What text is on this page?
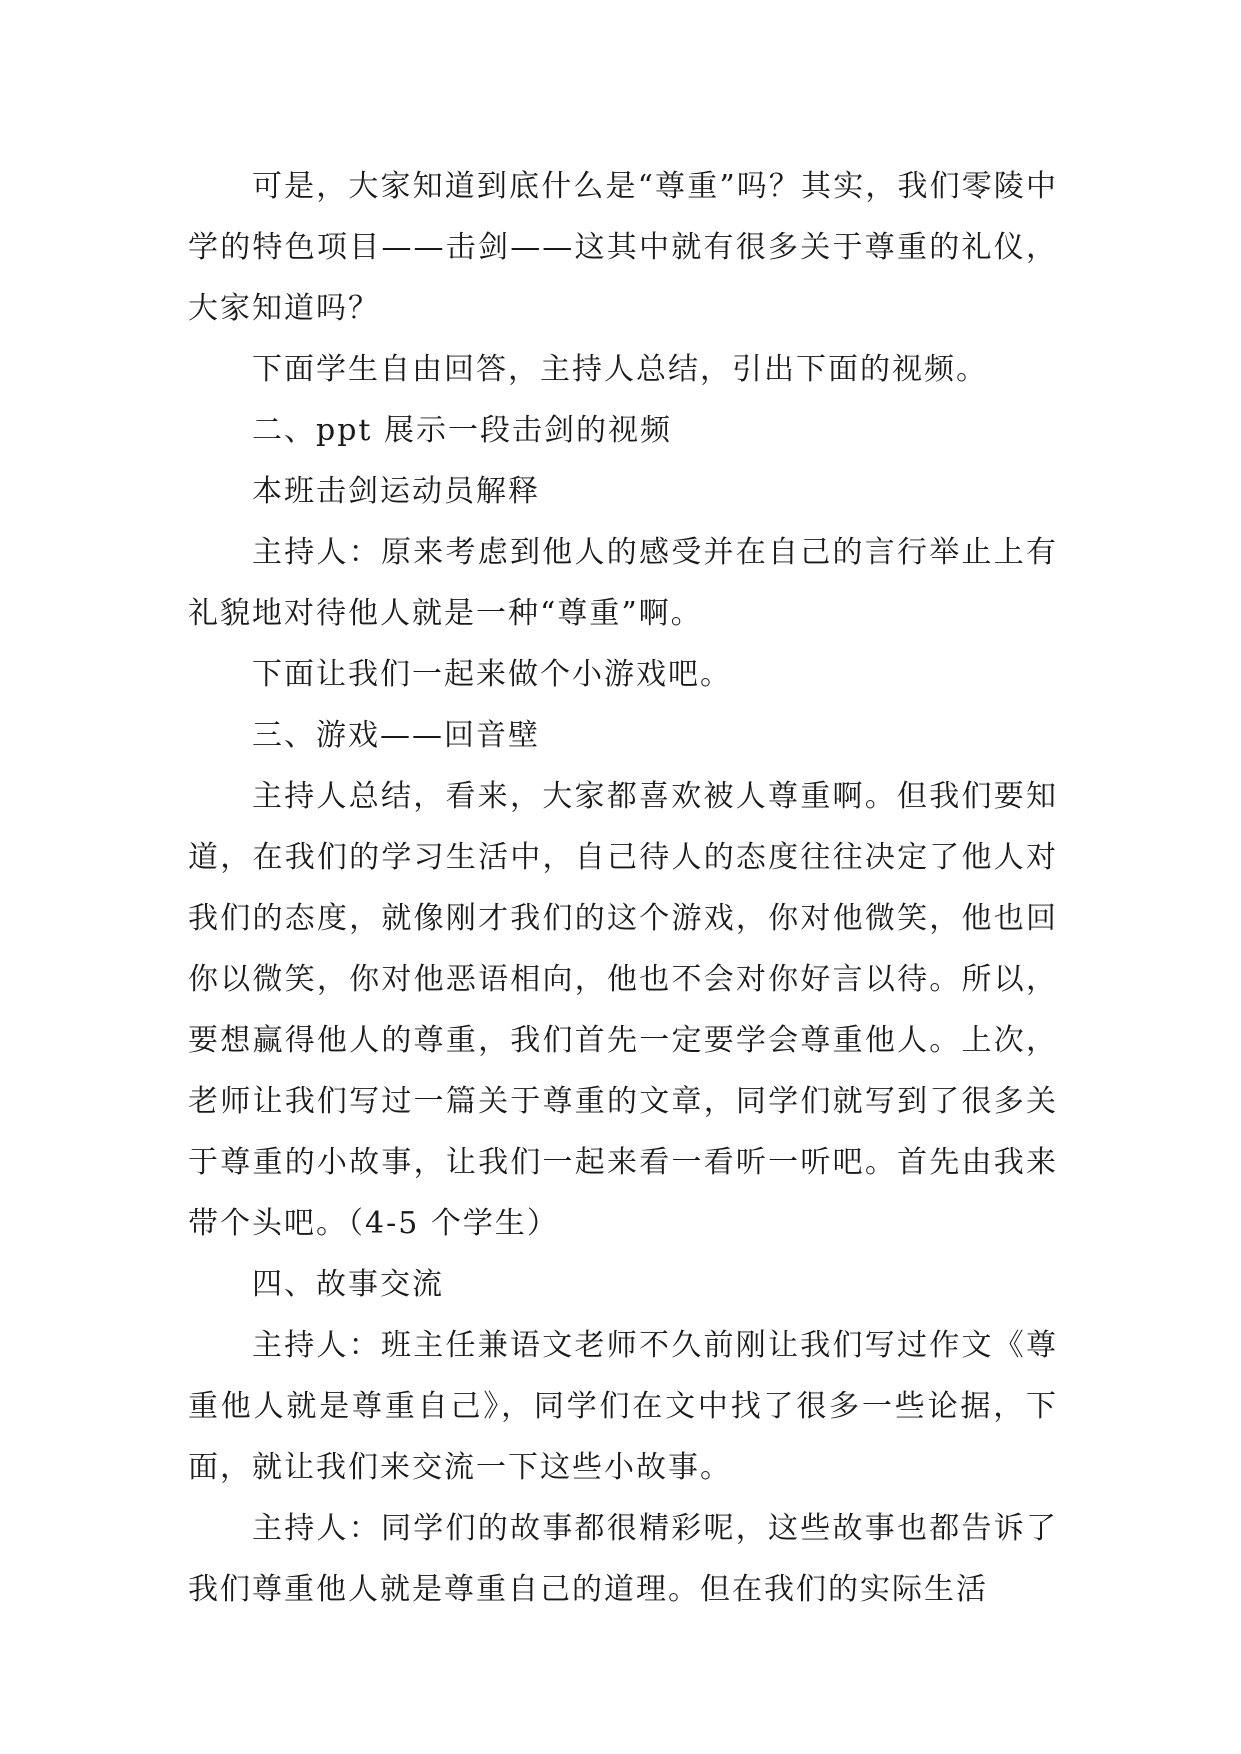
可是，大家知道到底什么是“尊重”吗？其实，我们零陵中学的特色项目——击剑——这其中就有很多关于尊重的礼仪，大家知道吗？

下面学生自由回答，主持人总结，引出下面的视频。

二、ppt 展示一段击剑的视频

本班击剑运动员解释

主持人：原来考虑到他人的感受并在自己的言行举止上有礼貌地对待他人就是一种“尊重”啊。

下面让我们一起来做个小游戏吧。

三、游戏——回音壁

主持人总结，看来，大家都喜欢被人尊重啊。但我们要知道，在我们的学习生活中，自己待人的态度往往决定了他人对我们的态度，就像刚才我们的这个游戏，你对他微笑，他也回你以微笑，你对他恶语相向，他也不会对你好言以待。所以，要想赢得他人的尊重，我们首先一定要学会尊重他人。上次，老师让我们写过一篇关于尊重的文章，同学们就写到了很多关于尊重的小故事，让我们一起来看一看听一听吧。首先由我来带个头吧。（4-5 个学生）

四、故事交流

主持人：班主任兼语文老师不久前刚让我们写过作文《尊重他人就是尊重自己》，同学们在文中找了很多一些论据，下面，就让我们来交流一下这些小故事。

主持人：同学们的故事都很精彩呢，这些故事也都告诉了我们尊重他人就是尊重自己的道理。但在我们的实际生活
